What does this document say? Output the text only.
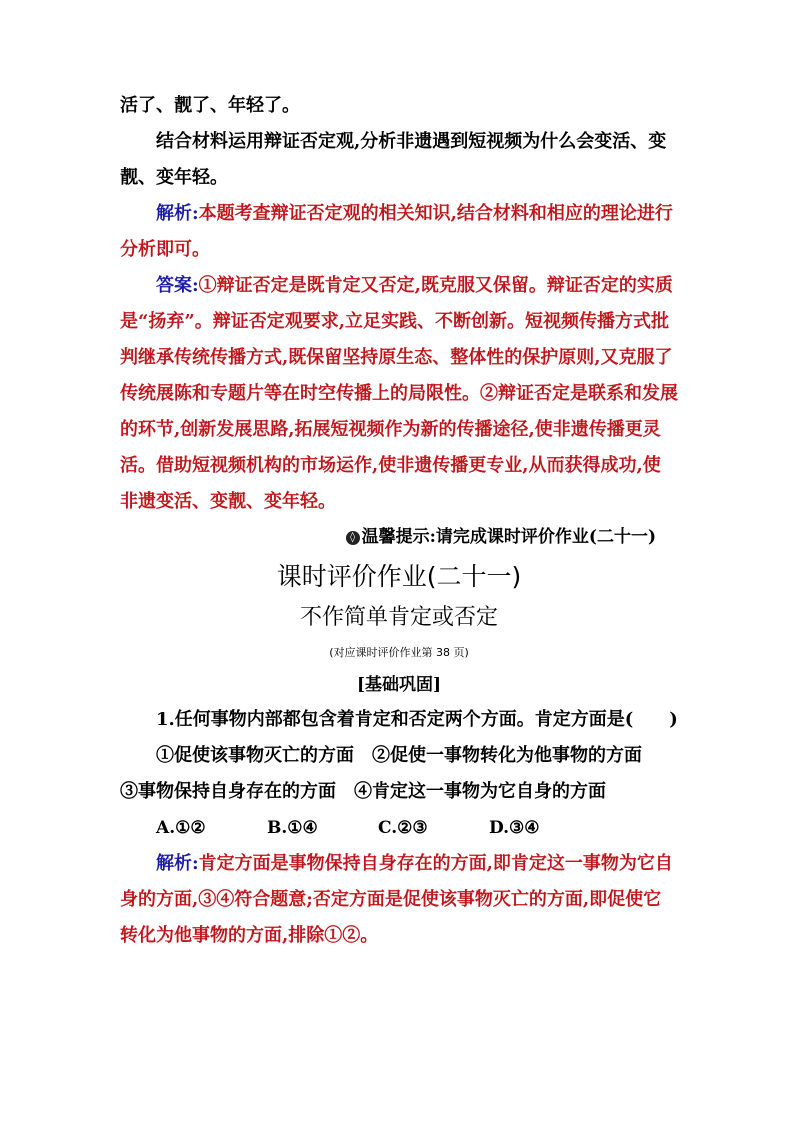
活了、靓了、年轻了。

结合材料运用辩证否定观,分析非遗遇到短视频为什么会变活、变靓、变年轻。

解析:本题考查辩证否定观的相关知识,结合材料和相应的理论进行分析即可。

答案:①辩证否定是既肯定又否定,既克服又保留。辩证否定的实质是“扬弃”。辩证否定观要求,立足实践、不断创新。短视频传播方式批判继承传统传播方式,既保留坚持原生态、整体性的保护原则,又克服了传统展陈和专题片等在时空传播上的局限性。②辩证否定是联系和发展的环节,创新发展思路,拓展短视频作为新的传播途径,使非遗传播更灵活。借助短视频机构的市场运作,使非遗传播更专业,从而获得成功,使非遗变活、变靓、变年轻。

◊ 温馨提示:请完成课时评价作业(二十一)
课时评价作业(二十一)
不作简单肯定或否定
(对应课时评价作业第 38 页)
[基础巩固]

1.任何事物内部都包含着肯定和否定两个方面。肯定方面是(　　)

①促使该事物灭亡的方面　②促使一事物转化为他事物的方面

③事物保持自身存在的方面　④肯定这一事物为它自身的方面

A.①②	B.①④	C.②③	D.③④

解析:肯定方面是事物保持自身存在的方面,即肯定这一事物为它自身的方面,③④符合题意;否定方面是促使该事物灭亡的方面,即促使它转化为他事物的方面,排除①②。
